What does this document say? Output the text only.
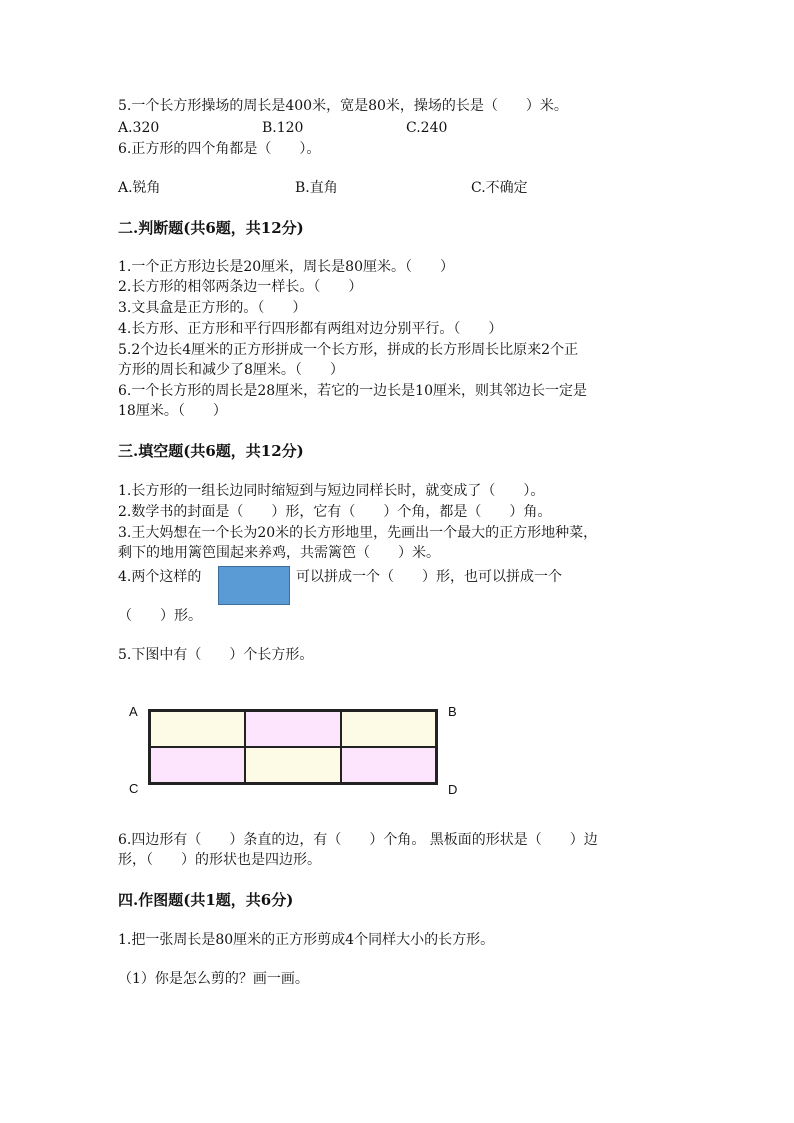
5.一个长方形操场的周长是400米，宽是80米，操场的长是（　　）米。
A.320	B.120	C.240
6.正方形的四个角都是（　　）。
A.锐角	B.直角	C.不确定
二.判断题(共6题，共12分)
1.一个正方形边长是20厘米，周长是80厘米。（　　）
2.长方形的相邻两条边一样长。（　　）
3.文具盒是正方形的。（　　）
4.长方形、正方形和平行四形都有两组对边分别平行。（　　）
5.2个边长4厘米的正方形拼成一个长方形，拼成的长方形周长比原来2个正
方形的周长和减少了8厘米。（　　）
6.一个长方形的周长是28厘米，若它的一边长是10厘米，则其邻边长一定是
18厘米。（　　）
三.填空题(共6题，共12分)
1.长方形的一组长边同时缩短到与短边同样长时，就变成了（　　）。
2.数学书的封面是（　　）形，它有（　　）个角，都是（　　）角。
3.王大妈想在一个长为20米的长方形地里，先画出一个最大的正方形地种菜，
剩下的地用篱笆围起来养鸡，共需篱笆（　　）米。
4.两个这样的	可以拼成一个（　　）形，也可以拼成一个
（　　）形。
5.下图中有（　　）个长方形。
A	B
C	D
6.四边形有（　　）条直的边，有（　　）个角。 黑板面的形状是（　　）边
形，（　　）的形状也是四边形。
四.作图题(共1题，共6分)
1.把一张周长是80厘米的正方形剪成4个同样大小的长方形。
（1）你是怎么剪的？画一画。
